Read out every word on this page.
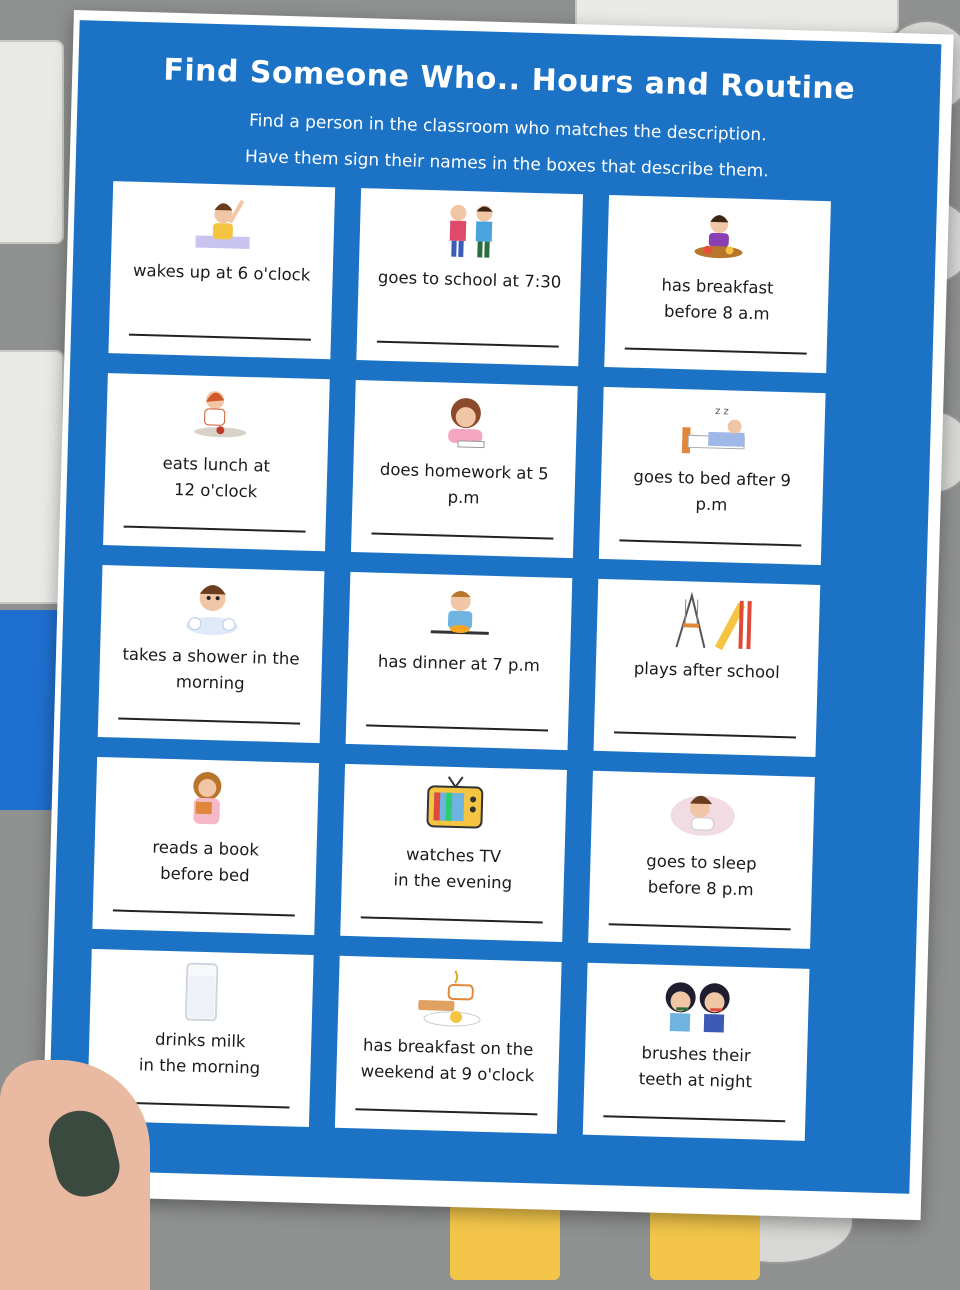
Find Someone Who.. Hours and Routine
Find a person in the classroom who matches the description.
Have them sign their names in the boxes that describe them.
wakes up at 6 o'clock	goes to school at 7:30	has breakfast
before 8 a.m
eats lunch at
12 o'clock
does homework at 5
p.m
z z
goes to bed after 9
p.m
takes a shower in the
morning
has dinner at 7 p.m	plays after school
reads a book
before bed
watches TV
in the evening
goes to sleep
before 8 p.m
drinks milk
in the morning
has breakfast on the
weekend at 9 o'clock
brushes their
teeth at night
